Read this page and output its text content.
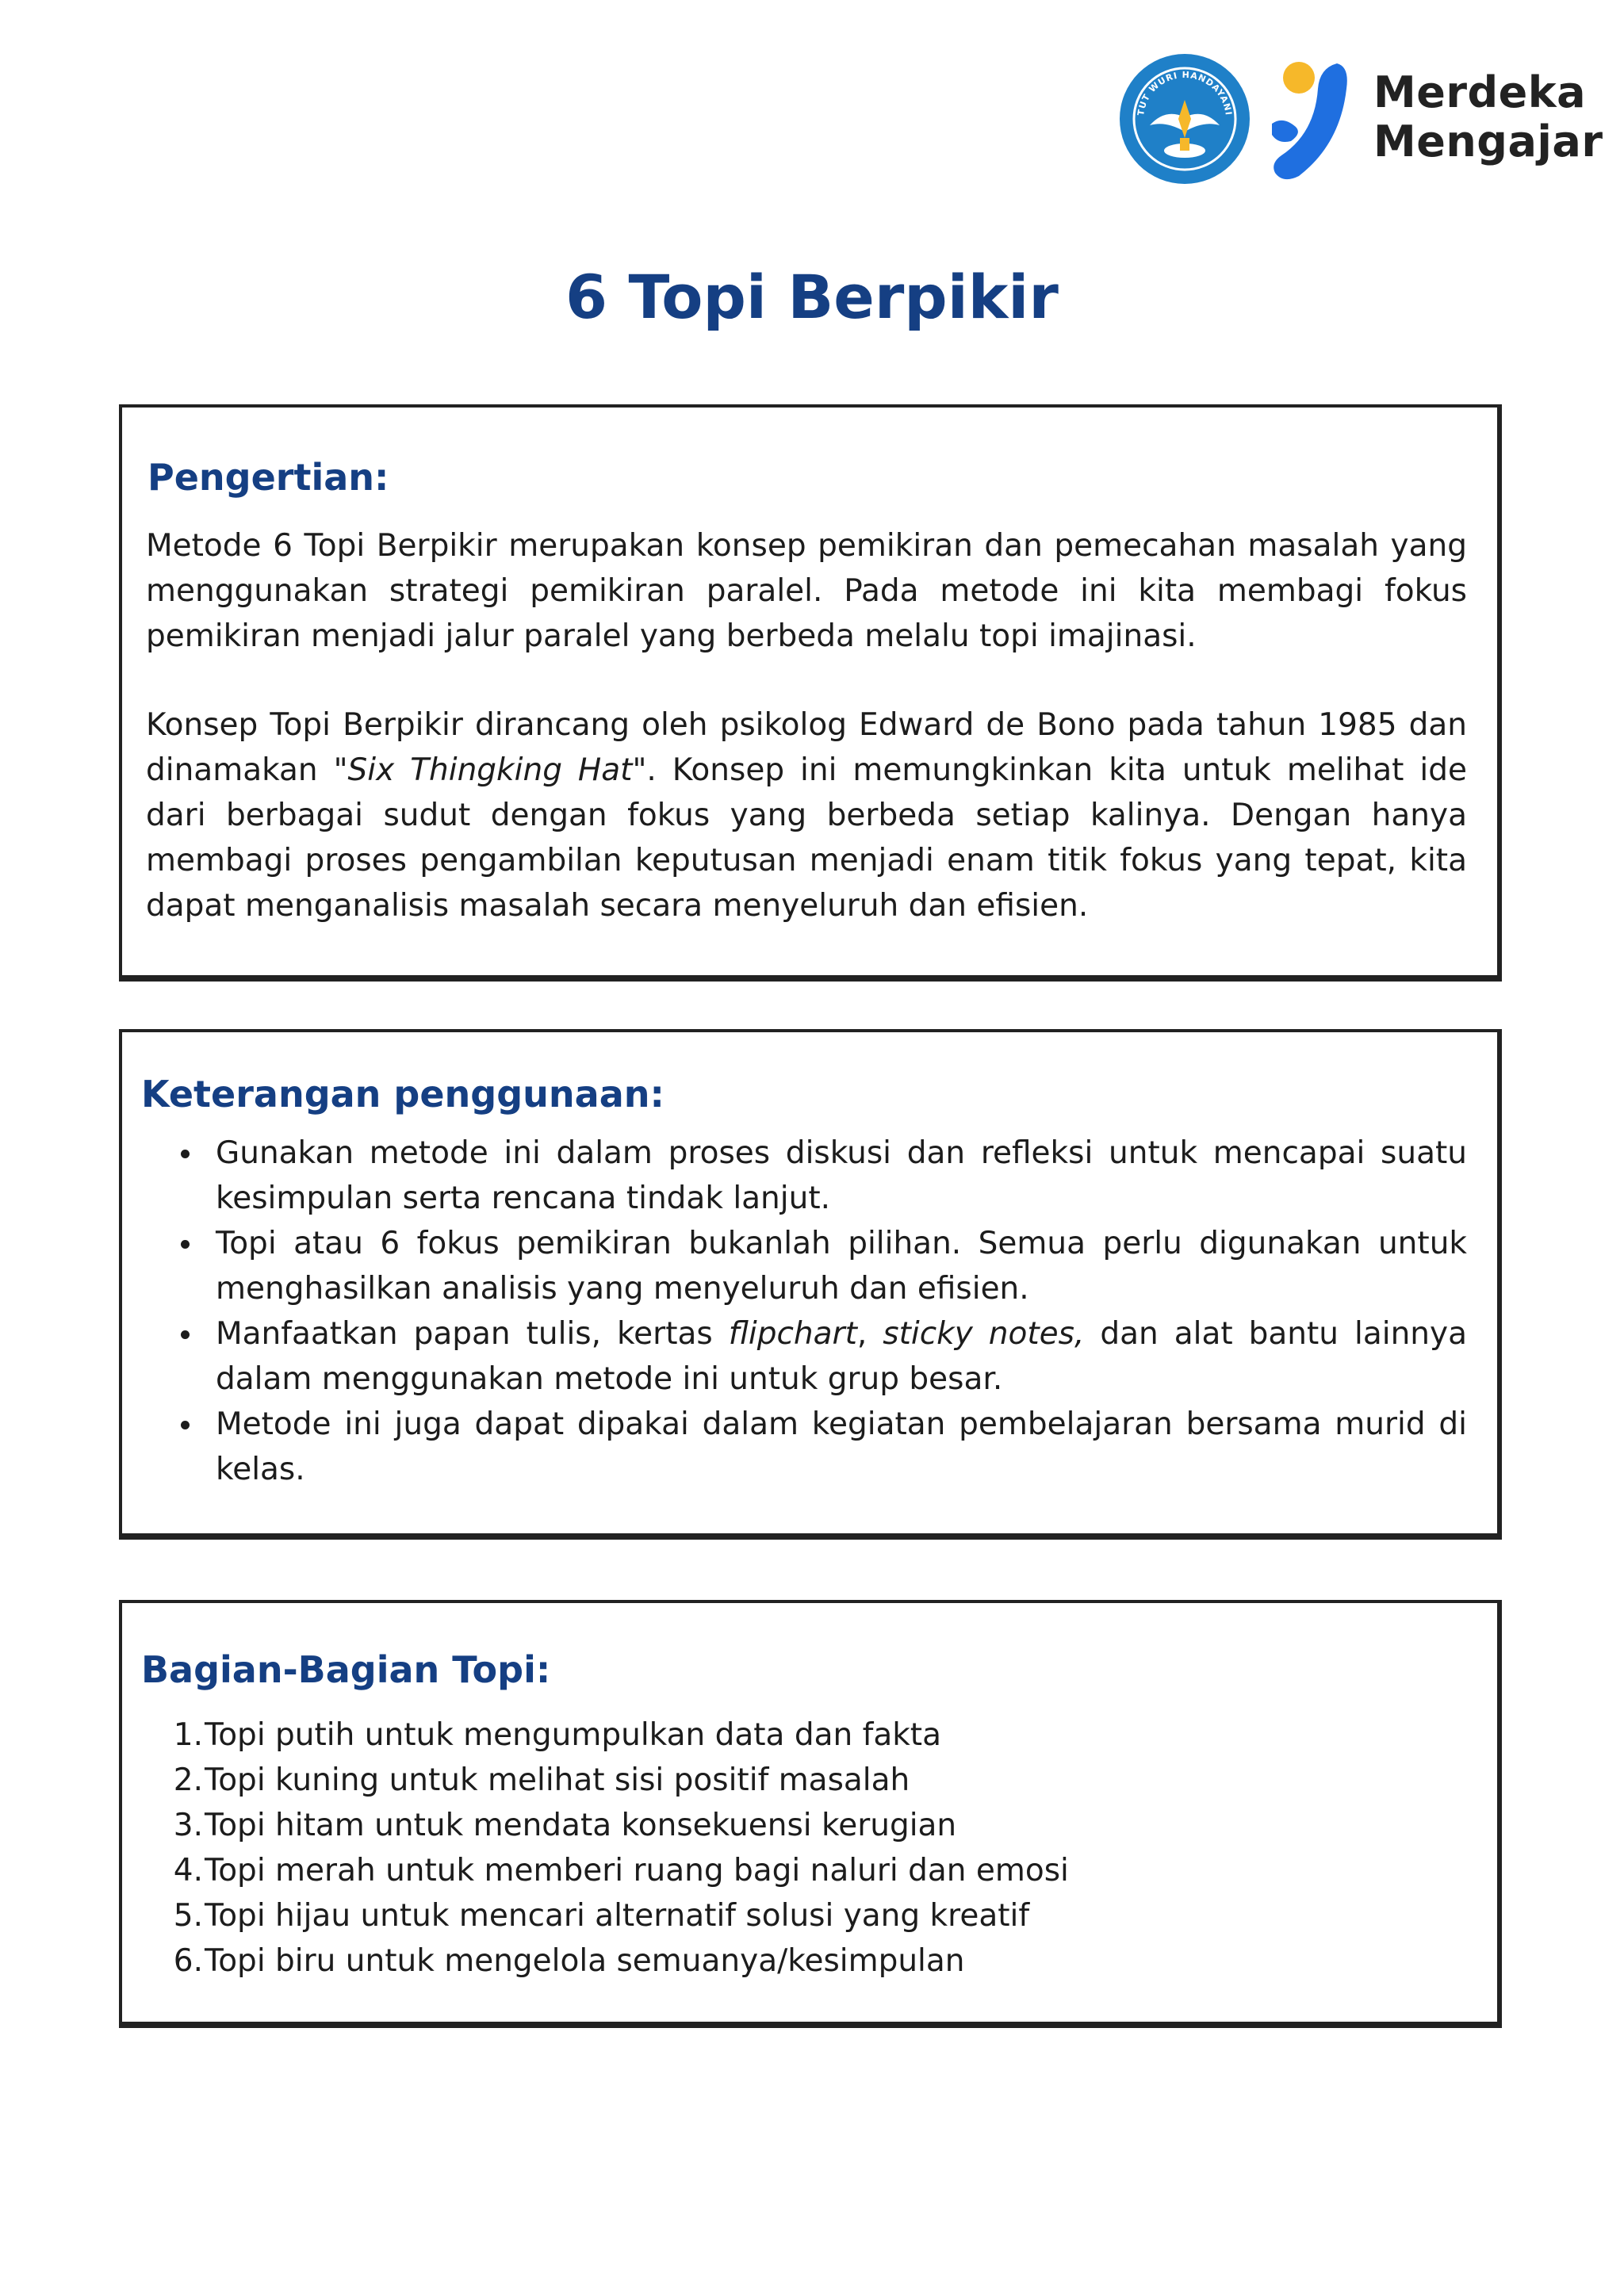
TUT WURI HANDAYANI	Merdeka
Mengajar
6 Topi Berpikir
Pengertian:

Metode 6 Topi Berpikir merupakan konsep pemikiran dan pemecahan masalah yang menggunakan strategi pemikiran paralel. Pada metode ini kita membagi fokus pemikiran menjadi jalur paralel yang berbeda melalu topi imajinasi.

Konsep Topi Berpikir dirancang oleh psikolog Edward de Bono pada tahun 1985 dan dinamakan "Six Thingking Hat". Konsep ini memungkinkan kita untuk melihat ide dari berbagai sudut dengan fokus yang berbeda setiap kalinya. Dengan hanya membagi proses pengambilan keputusan menjadi enam titik fokus yang tepat, kita dapat menganalisis masalah secara menyeluruh dan efisien.

Keterangan penggunaan:
Gunakan metode ini dalam proses diskusi dan refleksi untuk mencapai suatu kesimpulan serta rencana tindak lanjut.
Topi atau 6 fokus pemikiran bukanlah pilihan. Semua perlu digunakan untuk menghasilkan analisis yang menyeluruh dan efisien.
Manfaatkan papan tulis, kertas flipchart, sticky notes, dan alat bantu lainnya dalam menggunakan metode ini untuk grup besar.
Metode ini juga dapat dipakai dalam kegiatan pembelajaran bersama murid di kelas.
Bagian-Bagian Topi:
1. Topi putih untuk mengumpulkan data dan fakta
2. Topi kuning untuk melihat sisi positif masalah
3. Topi hitam untuk mendata konsekuensi kerugian
4. Topi merah untuk memberi ruang bagi naluri dan emosi
5. Topi hijau untuk mencari alternatif solusi yang kreatif
6. Topi biru untuk mengelola semuanya/kesimpulan
